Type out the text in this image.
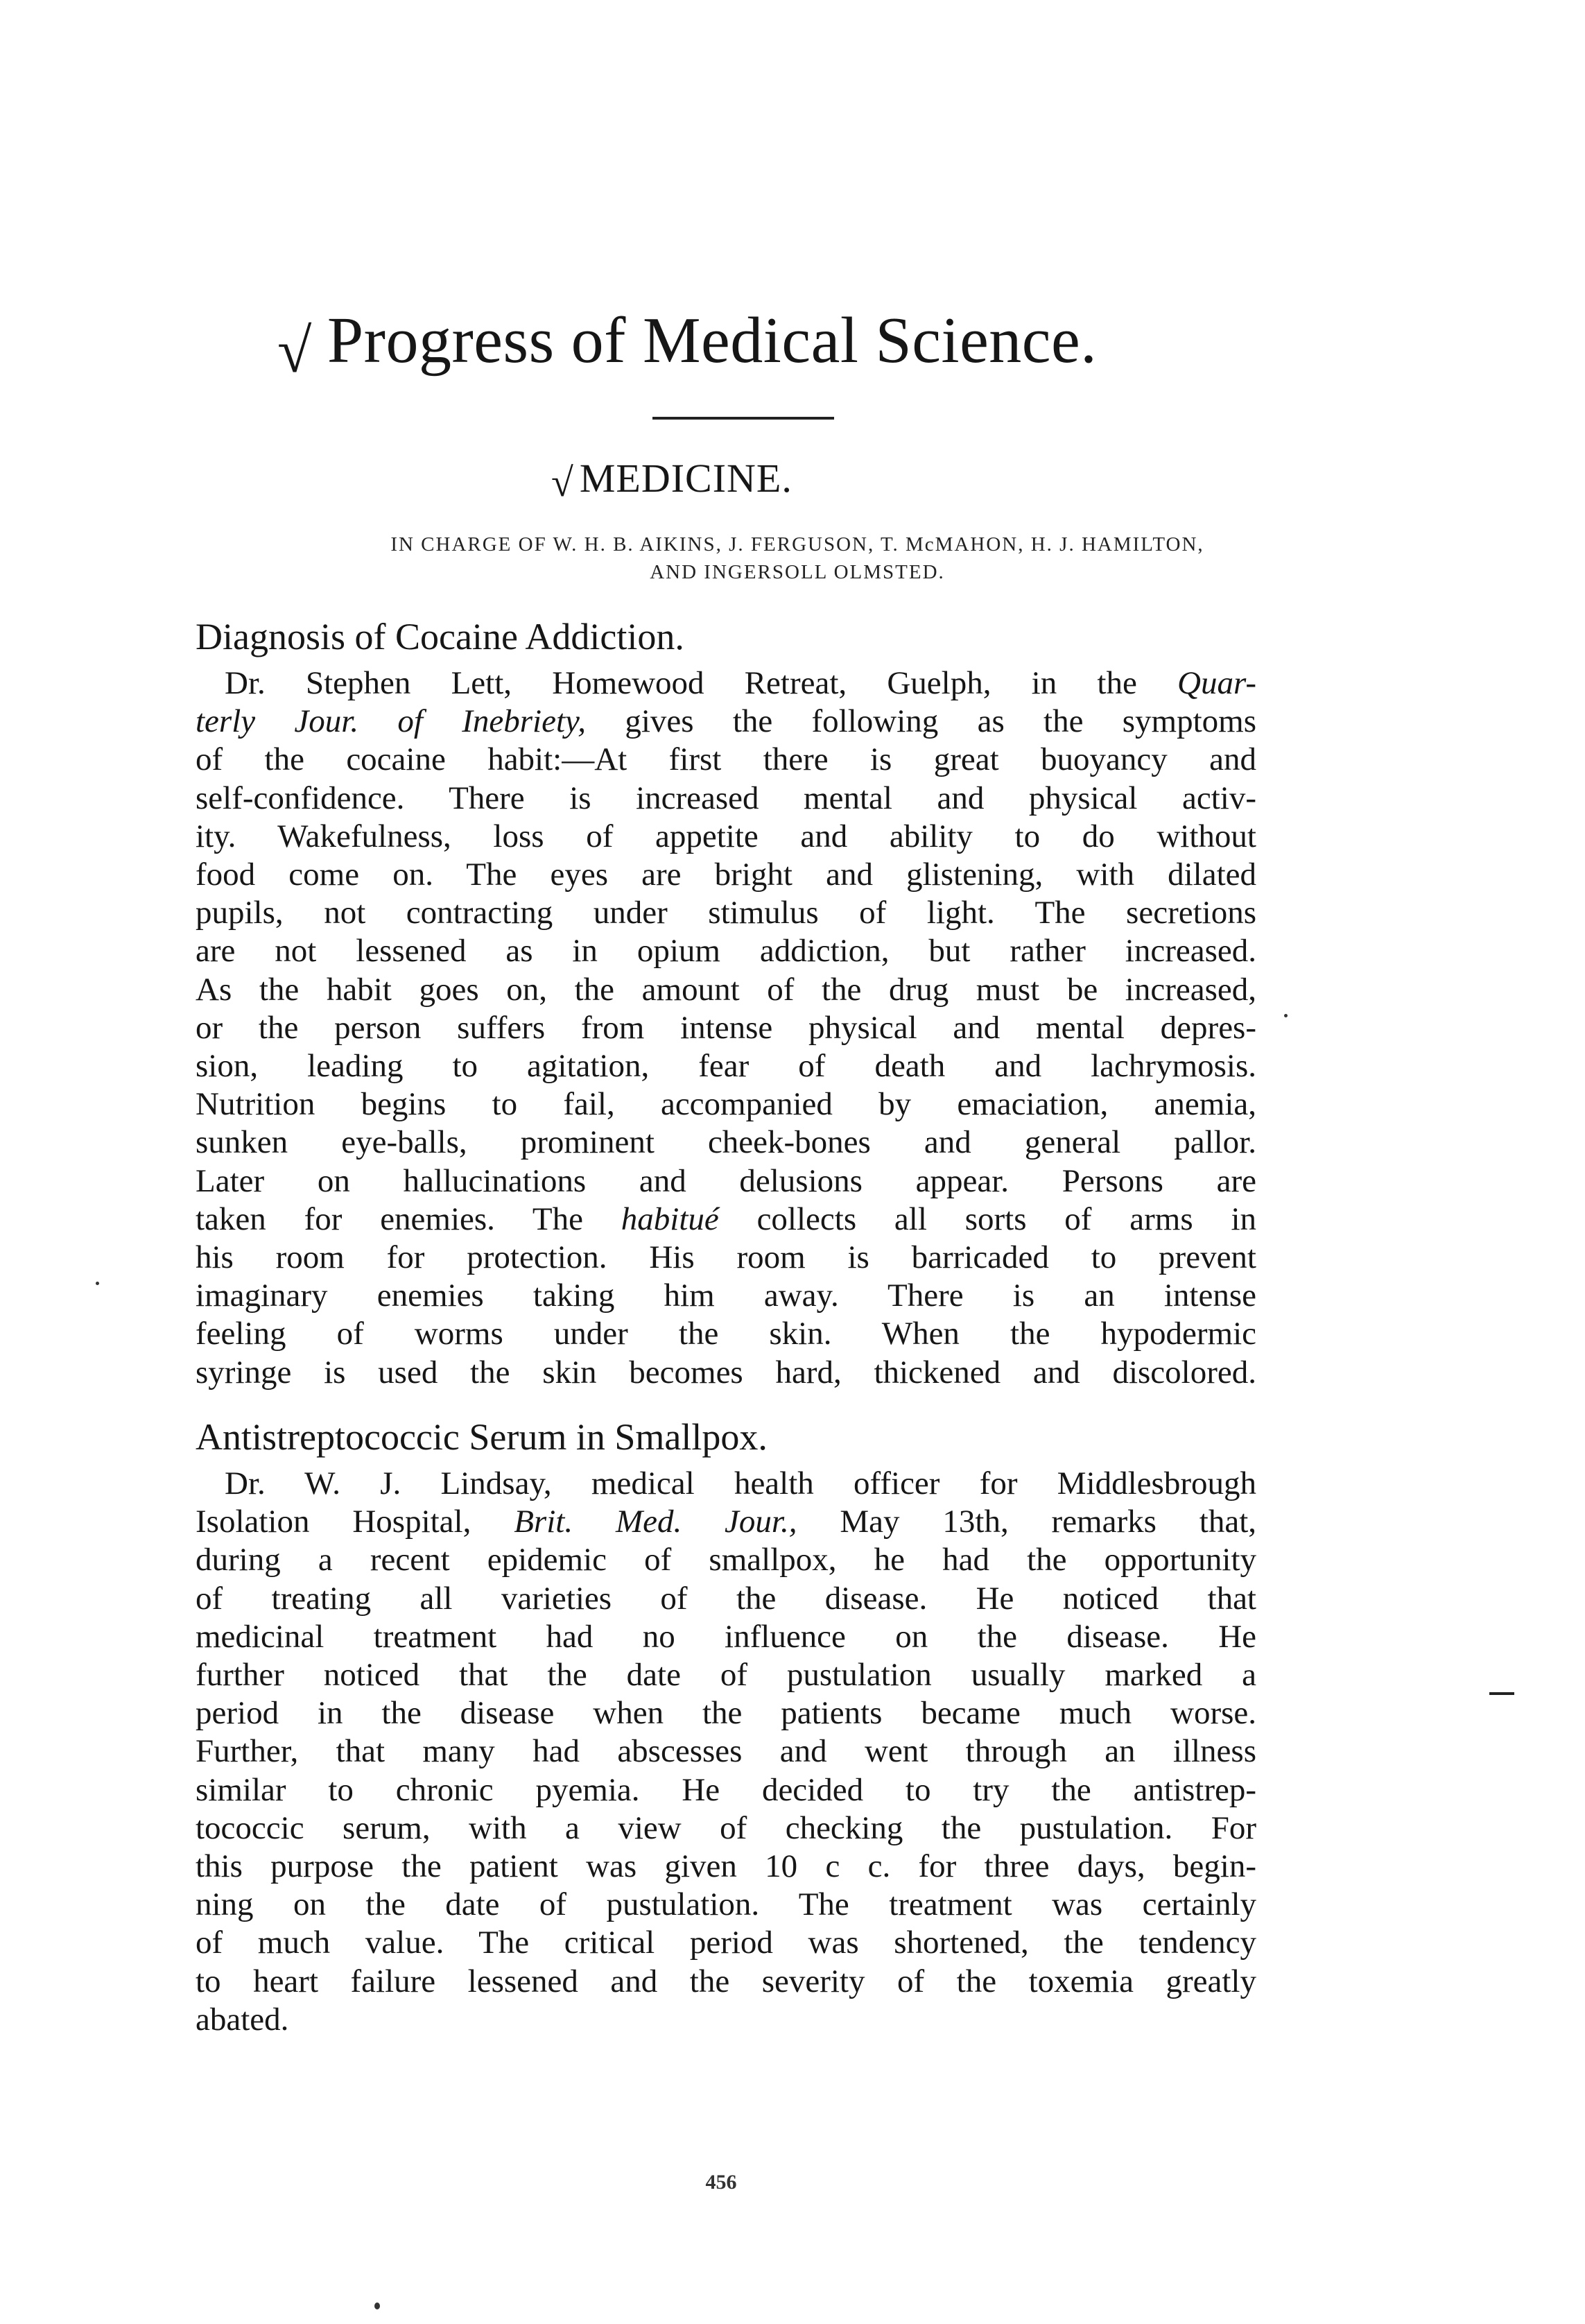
√ Progress of Medical Science.
√ MEDICINE.
IN CHARGE OF W. H. B. AIKINS, J. FERGUSON, T. McMAHON, H. J. HAMILTON,
AND INGERSOLL OLMSTED.
Diagnosis of Cocaine Addiction.
Dr. Stephen Lett, Homewood Retreat, Guelph, in the Quar-
terly Jour. of Inebriety, gives the following as the symptoms
of the cocaine habit:—At first there is great buoyancy and
self-confidence. There is increased mental and physical activ-
ity. Wakefulness, loss of appetite and ability to do without
food come on. The eyes are bright and glistening, with dilated
pupils, not contracting under stimulus of light. The secretions
are not lessened as in opium addiction, but rather increased.
As the habit goes on, the amount of the drug must be increased,
or the person suffers from intense physical and mental depres-
sion, leading to agitation, fear of death and lachrymosis.
Nutrition begins to fail, accompanied by emaciation, anemia,
sunken eye-balls, prominent cheek-bones and general pallor.
Later on hallucinations and delusions appear. Persons are
taken for enemies. The habitué collects all sorts of arms in
his room for protection. His room is barricaded to prevent
imaginary enemies taking him away. There is an intense
feeling of worms under the skin. When the hypodermic
syringe is used the skin becomes hard, thickened and discolored.
Antistreptococcic Serum in Smallpox.
Dr. W. J. Lindsay, medical health officer for Middlesbrough
Isolation Hospital, Brit. Med. Jour., May 13th, remarks that,
during a recent epidemic of smallpox, he had the opportunity
of treating all varieties of the disease. He noticed that
medicinal treatment had no influence on the disease. He
further noticed that the date of pustulation usually marked a
period in the disease when the patients became much worse.
Further, that many had abscesses and went through an illness
similar to chronic pyemia. He decided to try the antistrep-
tococcic serum, with a view of checking the pustulation. For
this purpose the patient was given 10 c c. for three days, begin-
ning on the date of pustulation. The treatment was certainly
of much value. The critical period was shortened, the tendency
to heart failure lessened and the severity of the toxemia greatly
abated.
456
